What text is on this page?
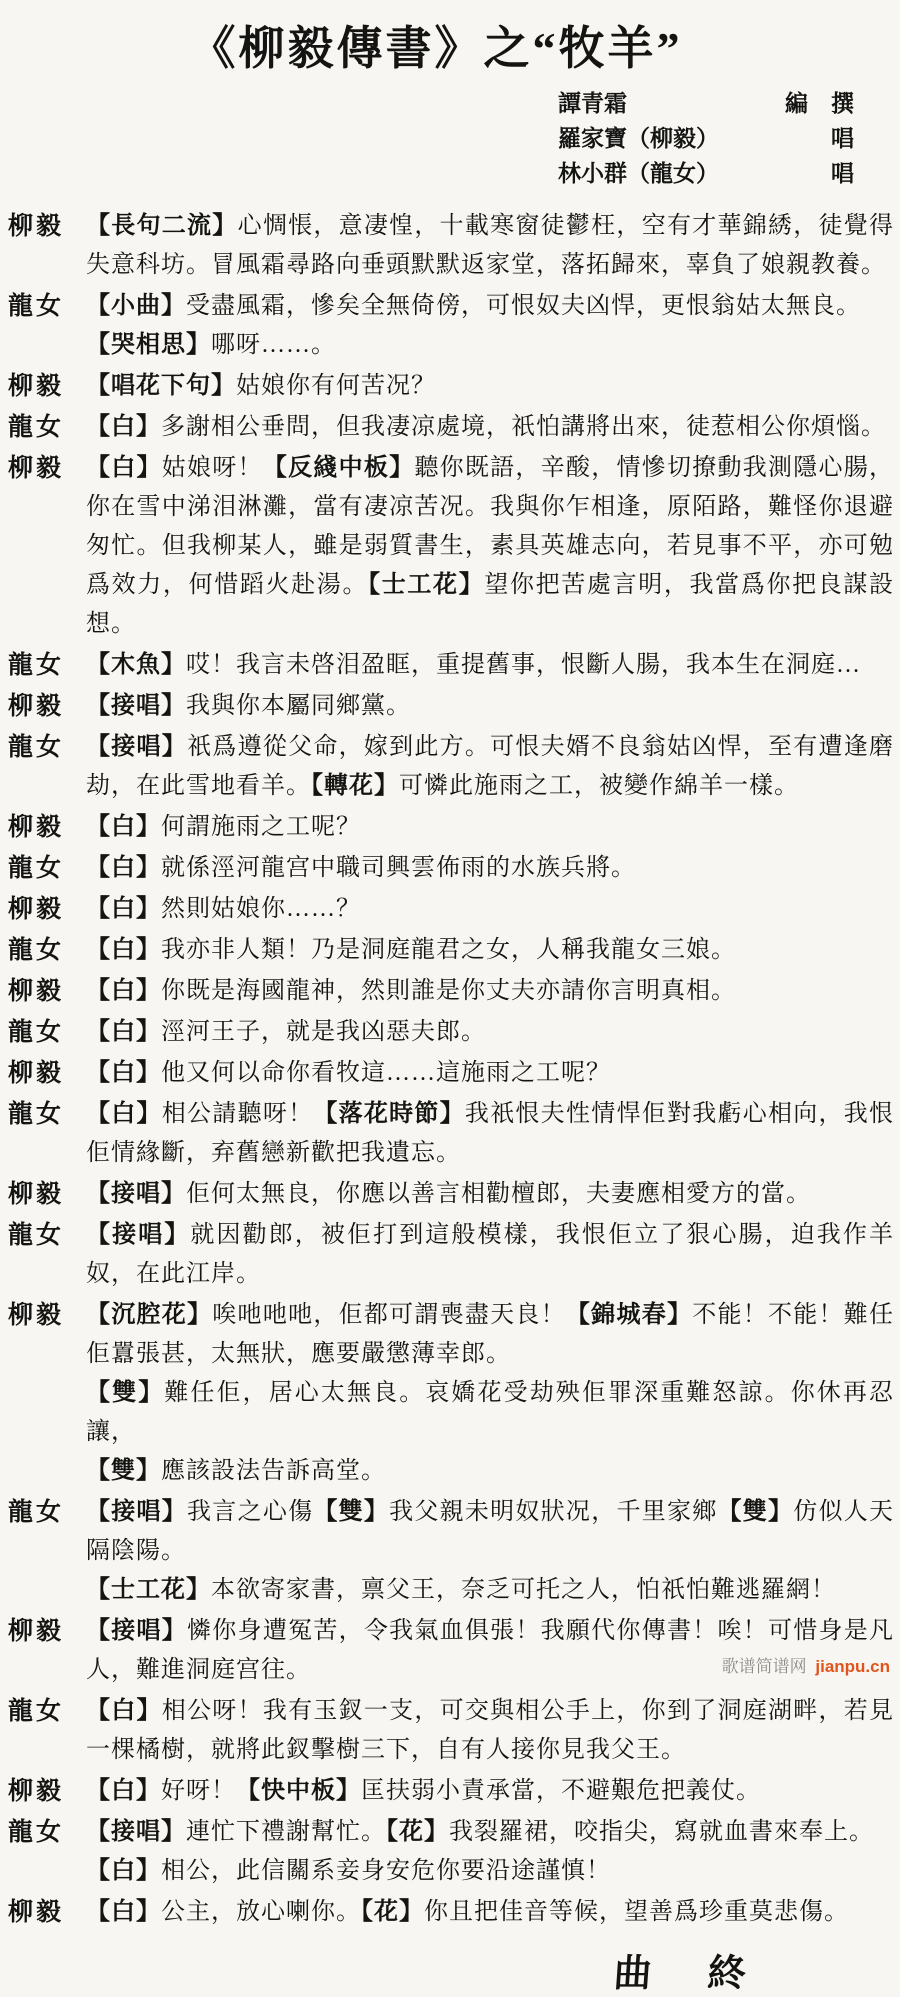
《柳毅傳書》之“牧羊”
譚青霜	編　撰
羅家寶（柳毅）	唱
林小群（龍女）	唱
柳毅 【長句二流】心惆悵，意凄惶，十載寒窗徒鬱枉，空有才華錦綉，徒覺得失意科坊。冒風霜尋路向垂頭默默返家堂，落拓歸來，辜負了娘親教養。

龍女 【小曲】受盡風霜，慘矣全無倚傍，可恨奴夫凶悍，更恨翁姑太無良。

【哭相思】哪呀……。

柳毅 【唱花下句】姑娘你有何苦况？

龍女 【白】多謝相公垂問，但我凄凉處境，祇怕講將出來，徒惹相公你煩惱。

柳毅 【白】姑娘呀！【反綫中板】聽你既語，辛酸，情慘切撩動我測隱心腸，你在雪中涕泪淋灘，當有凄凉苦况。我與你乍相逢，原陌路，難怪你退避匆忙。但我柳某人，雖是弱質書生，素具英雄志向，若見事不平，亦可勉爲效力，何惜蹈火赴湯。【士工花】望你把苦處言明，我當爲你把良謀設想。

龍女 【木魚】哎！我言未啓泪盈眶，重提舊事，恨斷人腸，我本生在洞庭…

柳毅 【接唱】我與你本屬同鄉黨。

龍女 【接唱】祇爲遵從父命，嫁到此方。可恨夫婿不良翁姑凶悍，至有遭逢磨劫，在此雪地看羊。【轉花】可憐此施雨之工，被變作綿羊一樣。

柳毅 【白】何謂施雨之工呢？

龍女 【白】就係涇河龍宫中職司興雲佈雨的水族兵將。

柳毅 【白】然則姑娘你……？

龍女 【白】我亦非人類！乃是洞庭龍君之女，人稱我龍女三娘。

柳毅 【白】你既是海國龍神，然則誰是你丈夫亦請你言明真相。

龍女 【白】涇河王子，就是我凶惡夫郎。

柳毅 【白】他又何以命你看牧這……這施雨之工呢？

龍女 【白】相公請聽呀！【落花時節】我祇恨夫性情悍佢對我虧心相向，我恨佢情緣斷，弃舊戀新歡把我遺忘。

柳毅 【接唱】佢何太無良，你應以善言相勸檀郎，夫妻應相愛方的當。

龍女 【接唱】就因勸郎，被佢打到這般模樣，我恨佢立了狠心腸，迫我作羊奴，在此江岸。

柳毅 【沉腔花】唉吔吔吔，佢都可謂喪盡天良！【錦城春】不能！不能！難任佢囂張甚，太無狀，應要嚴懲薄幸郎。

【雙】難任佢，居心太無良。哀嬌花受劫殃佢罪深重難怒諒。你休再忍讓，

【雙】應該設法告訴高堂。

龍女 【接唱】我言之心傷【雙】我父親未明奴狀况，千里家鄉【雙】仿似人天隔陰陽。

【士工花】本欲寄家書，禀父王，奈乏可托之人，怕祇怕難逃羅網！

柳毅 【接唱】憐你身遭冤苦，令我氣血俱張！我願代你傳書！唉！可惜身是凡人，難進洞庭宫往。

龍女 【白】相公呀！我有玉釵一支，可交與相公手上，你到了洞庭湖畔，若見一棵橘樹，就將此釵擊樹三下，自有人接你見我父王。

柳毅 【白】好呀！【快中板】匡扶弱小責承當，不避艱危把義仗。

龍女 【接唱】連忙下禮謝幫忙。【花】我裂羅裙，咬指尖，寫就血書來奉上。

【白】相公，此信關系妾身安危你要沿途謹慎！

柳毅 【白】公主，放心喇你。【花】你且把佳音等候，望善爲珍重莫悲傷。

曲終
歌谱简谱网 jianpu.cn
